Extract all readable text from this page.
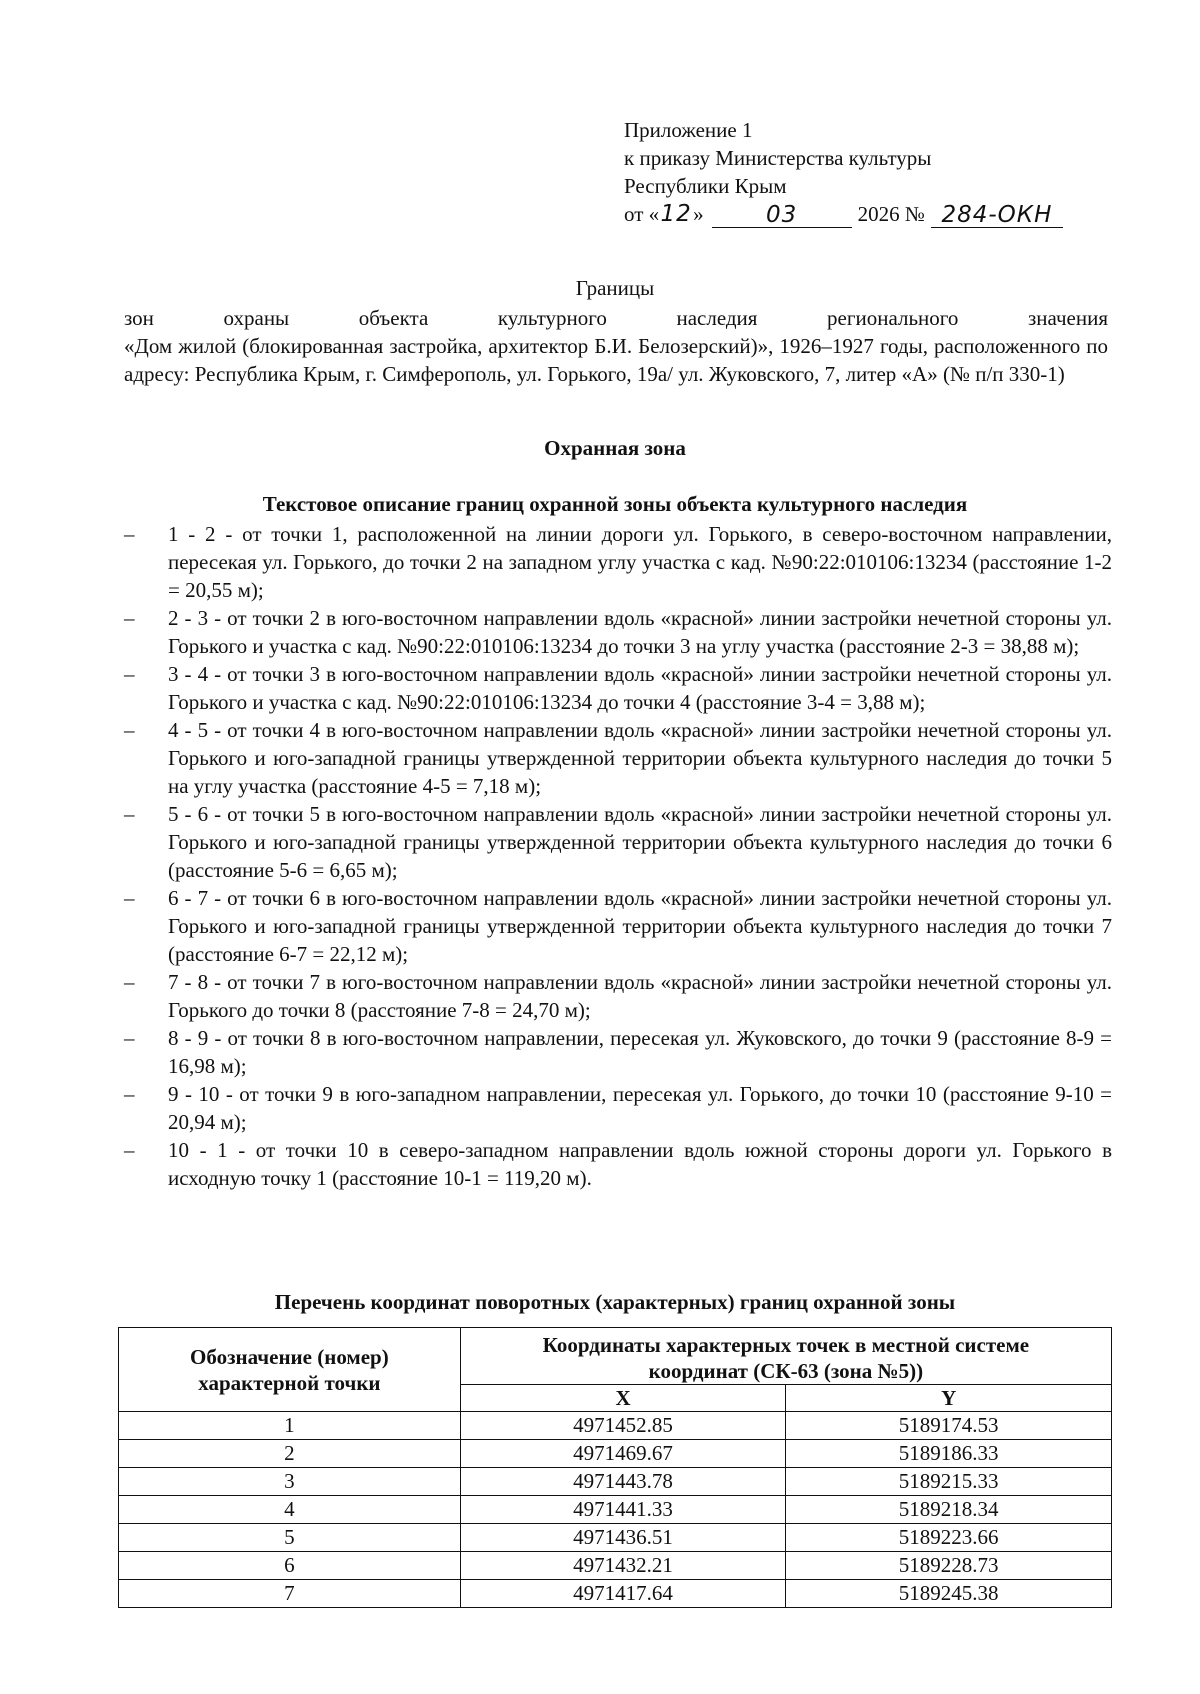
Приложение 1
к приказу Министерства культуры
Республики Крым
от « 12 »	03	2026 № 284-ОКН
Границы
зон охраны объекта культурного наследия регионального значения
«Дом жилой (блокированная застройка, архитектор Б.И. Белозерский)», 1926–1927 годы, расположенного по адресу: Республика Крым, г. Симферополь, ул. Горького, 19а/ ул. Жуковского, 7, литер «А» (№ п/п 330-1)
Охранная зона
Текстовое описание границ охранной зоны объекта культурного наследия
– 1 - 2 - от точки 1, расположенной на линии дороги ул. Горького, в северо-восточном направлении, пересекая ул. Горького, до точки 2 на западном углу участка с кад. №90:22:010106:13234 (расстояние 1-2 = 20,55 м);
– 2 - 3 - от точки 2 в юго-восточном направлении вдоль «красной» линии застройки нечетной стороны ул. Горького и участка с кад. №90:22:010106:13234 до точки 3 на углу участка (расстояние 2-3 = 38,88 м);
– 3 - 4 - от точки 3 в юго-восточном направлении вдоль «красной» линии застройки нечетной стороны ул. Горького и участка с кад. №90:22:010106:13234 до точки 4 (расстояние 3-4 = 3,88 м);
– 4 - 5 - от точки 4 в юго-восточном направлении вдоль «красной» линии застройки нечетной стороны ул. Горького и юго-западной границы утвержденной территории объекта культурного наследия до точки 5 на углу участка (расстояние 4-5 = 7,18 м);
– 5 - 6 - от точки 5 в юго-восточном направлении вдоль «красной» линии застройки нечетной стороны ул. Горького и юго-западной границы утвержденной территории объекта культурного наследия до точки 6 (расстояние 5-6 = 6,65 м);
– 6 - 7 - от точки 6 в юго-восточном направлении вдоль «красной» линии застройки нечетной стороны ул. Горького и юго-западной границы утвержденной территории объекта культурного наследия до точки 7 (расстояние 6-7 = 22,12 м);
– 7 - 8 - от точки 7 в юго-восточном направлении вдоль «красной» линии застройки нечетной стороны ул. Горького до точки 8 (расстояние 7-8 = 24,70 м);
– 8 - 9 - от точки 8 в юго-восточном направлении, пересекая ул. Жуковского, до точки 9 (расстояние 8-9 = 16,98 м);
– 9 - 10 - от точки 9 в юго-западном направлении, пересекая ул. Горького, до точки 10 (расстояние 9-10 = 20,94 м);
– 10 - 1 - от точки 10 в северо-западном направлении вдоль южной стороны дороги ул. Горького в исходную точку 1 (расстояние 10-1 = 119,20 м).
Перечень координат поворотных (характерных) границ охранной зоны
Обозначение (номер) характерной точки	Координаты характерных точек в местной системе координат (СК-63 (зона №5))	
	X	Y
1	4971452.85	5189174.53
2	4971469.67	5189186.33
3	4971443.78	5189215.33
4	4971441.33	5189218.34
5	4971436.51	5189223.66
6	4971432.21	5189228.73
7	4971417.64	5189245.38
